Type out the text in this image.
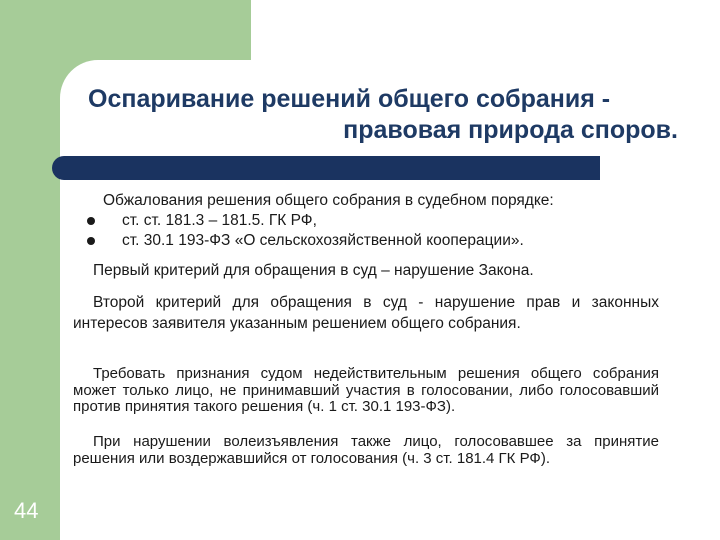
Оспаривание решений общего собрания -
правовая природа споров.
Обжалования решения общего собрания в судебном порядке:
ст. ст. 181.3 – 181.5. ГК РФ,
ст. 30.1 193-ФЗ «О сельскохозяйственной кооперации».
Первый критерий для обращения в суд – нарушение Закона.
Второй критерий для обращения в суд - нарушение прав и законных интересов заявителя указанным решением общего собрания.
Требовать признания судом недействительным решения общего собрания может только лицо, не принимавший участия в голосовании, либо голосовавший против принятия такого решения (ч. 1 ст. 30.1 193-ФЗ).
При нарушении волеизъявления также лицо, голосовавшее за принятие решения или воздержавшийся от голосования (ч. 3 ст. 181.4 ГК РФ).
44
